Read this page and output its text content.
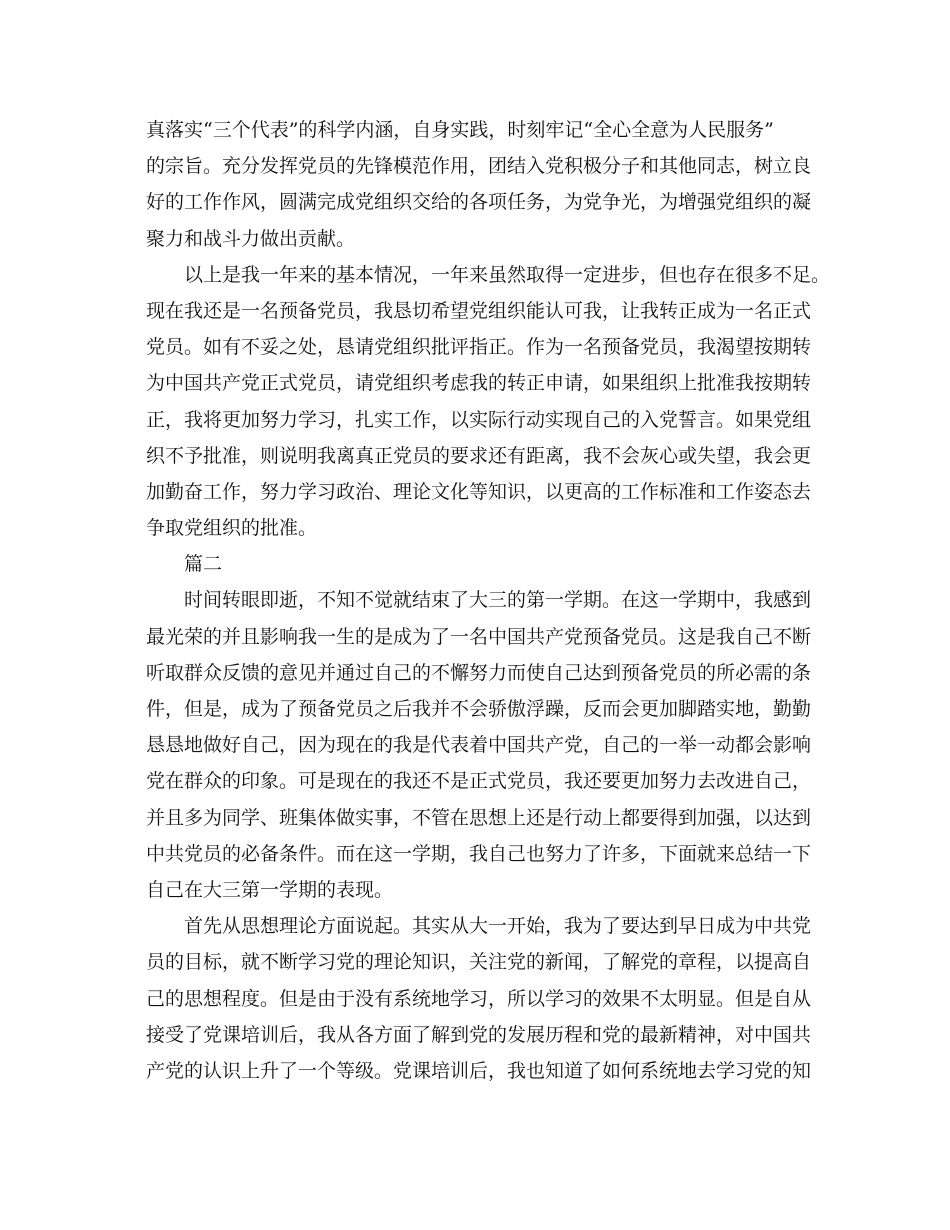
真落实“三个代表”的科学内涵，自身实践，时刻牢记“全心全意为人民服务”
的宗旨。充分发挥党员的先锋模范作用，团结入党积极分子和其他同志，树立良
好的工作作风，圆满完成党组织交给的各项任务，为党争光，为增强党组织的凝
聚力和战斗力做出贡献。
以上是我一年来的基本情况，一年来虽然取得一定进步，但也存在很多不足。
现在我还是一名预备党员，我恳切希望党组织能认可我，让我转正成为一名正式
党员。如有不妥之处，恳请党组织批评指正。作为一名预备党员，我渴望按期转
为中国共产党正式党员，请党组织考虑我的转正申请，如果组织上批准我按期转
正，我将更加努力学习，扎实工作，以实际行动实现自己的入党誓言。如果党组
织不予批准，则说明我离真正党员的要求还有距离，我不会灰心或失望，我会更
加勤奋工作，努力学习政治、理论文化等知识，以更高的工作标准和工作姿态去
争取党组织的批准。
篇二
时间转眼即逝，不知不觉就结束了大三的第一学期。在这一学期中，我感到
最光荣的并且影响我一生的是成为了一名中国共产党预备党员。这是我自己不断
听取群众反馈的意见并通过自己的不懈努力而使自己达到预备党员的所必需的条
件，但是，成为了预备党员之后我并不会骄傲浮躁，反而会更加脚踏实地，勤勤
恳恳地做好自己，因为现在的我是代表着中国共产党，自己的一举一动都会影响
党在群众的印象。可是现在的我还不是正式党员，我还要更加努力去改进自己，
并且多为同学、班集体做实事，不管在思想上还是行动上都要得到加强，以达到
中共党员的必备条件。而在这一学期，我自己也努力了许多，下面就来总结一下
自己在大三第一学期的表现。
首先从思想理论方面说起。其实从大一开始，我为了要达到早日成为中共党
员的目标，就不断学习党的理论知识，关注党的新闻，了解党的章程，以提高自
己的思想程度。但是由于没有系统地学习，所以学习的效果不太明显。但是自从
接受了党课培训后，我从各方面了解到党的发展历程和党的最新精神，对中国共
产党的认识上升了一个等级。党课培训后，我也知道了如何系统地去学习党的知
